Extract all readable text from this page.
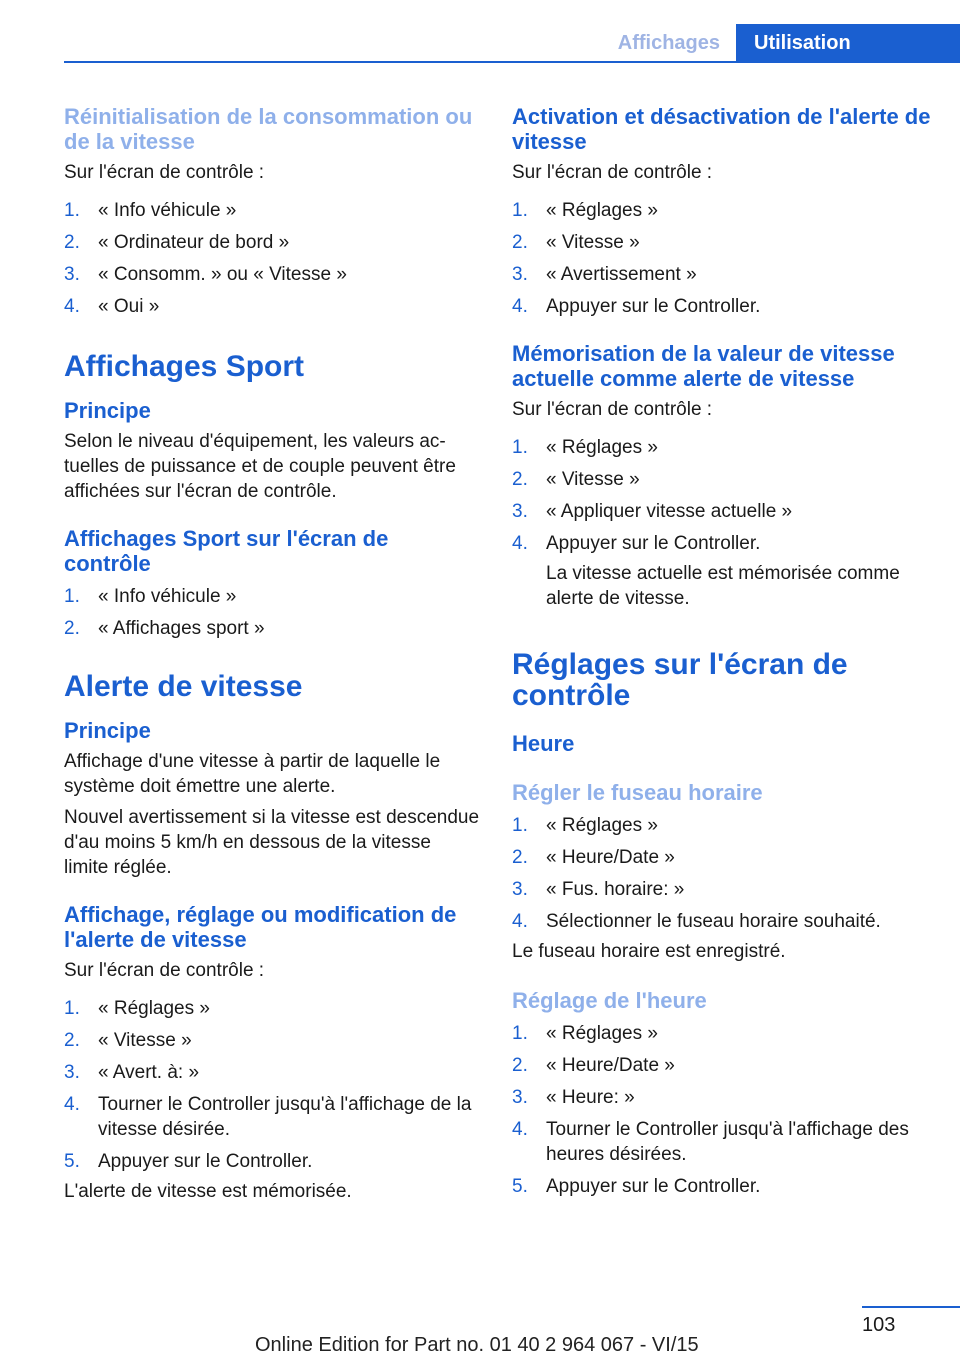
Affichages	Utilisation
Réinitialisation de la consommation ou de la vitesse
Sur l'écran de contrôle :
1. « Info véhicule »
2. « Ordinateur de bord »
3. « Consomm. » ou « Vitesse »
4. « Oui »
Affichages Sport
Principe
Selon le niveau d'équipement, les valeurs actuelles de puissance et de couple peuvent être affichées sur l'écran de contrôle.
Affichages Sport sur l'écran de contrôle
1. « Info véhicule »
2. « Affichages sport »
Alerte de vitesse
Principe
Affichage d'une vitesse à partir de laquelle le système doit émettre une alerte.
Nouvel avertissement si la vitesse est descendue d'au moins 5 km/h en dessous de la vitesse limite réglée.
Affichage, réglage ou modification de l'alerte de vitesse
Sur l'écran de contrôle :
1. « Réglages »
2. « Vitesse »
3. « Avert. à: »
4. Tourner le Controller jusqu'à l'affichage de la vitesse désirée.
5. Appuyer sur le Controller.
L'alerte de vitesse est mémorisée.
Activation et désactivation de l'alerte de vitesse
Sur l'écran de contrôle :
1. « Réglages »
2. « Vitesse »
3. « Avertissement »
4. Appuyer sur le Controller.
Mémorisation de la valeur de vitesse actuelle comme alerte de vitesse
Sur l'écran de contrôle :
1. « Réglages »
2. « Vitesse »
3. « Appliquer vitesse actuelle »
4. Appuyer sur le Controller.
La vitesse actuelle est mémorisée comme alerte de vitesse.
Réglages sur l'écran de contrôle
Heure
Régler le fuseau horaire
1. « Réglages »
2. « Heure/Date »
3. « Fus. horaire: »
4. Sélectionner le fuseau horaire souhaité.
Le fuseau horaire est enregistré.
Réglage de l'heure
1. « Réglages »
2. « Heure/Date »
3. « Heure: »
4. Tourner le Controller jusqu'à l'affichage des heures désirées.
5. Appuyer sur le Controller.
103
Online Edition for Part no. 01 40 2 964 067 - VI/15
